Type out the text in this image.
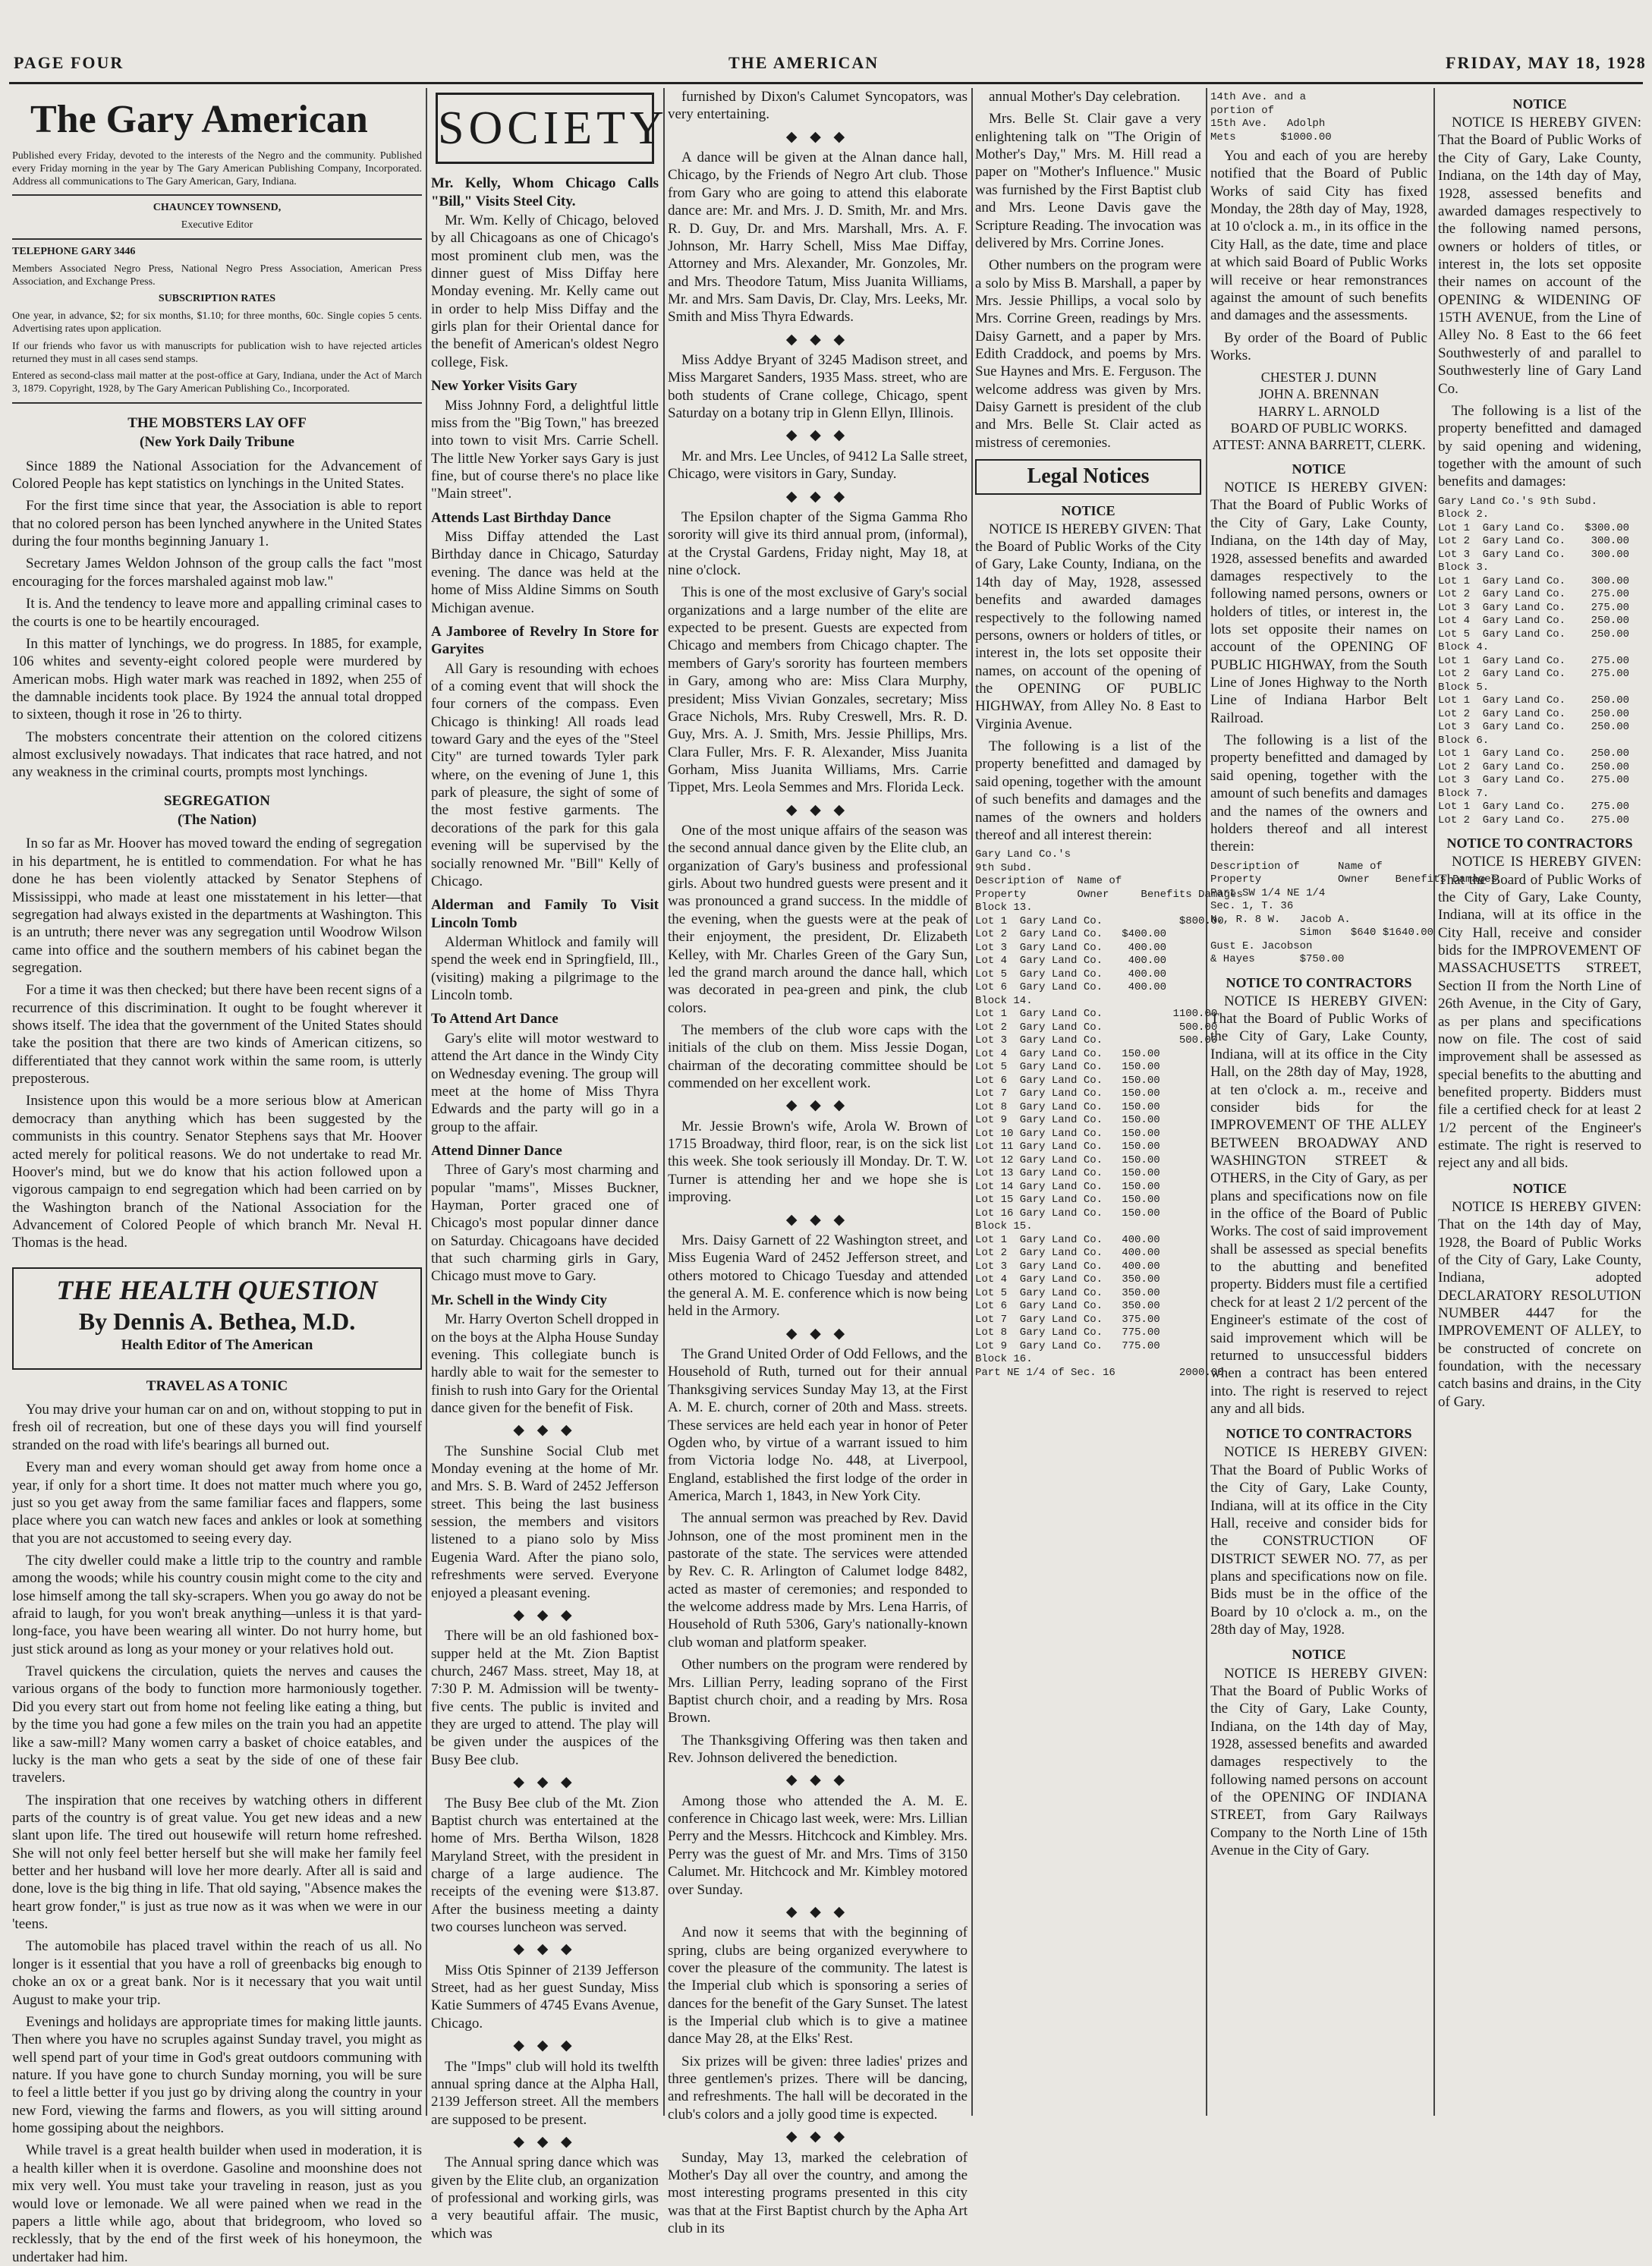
PAGE FOUR	THE AMERICAN	FRIDAY, MAY 18, 1928
The Gary American

Published every Friday, devoted to the interests of the Negro and the community. Published every Friday morning in the year by The Gary American Publishing Company, Incorporated. Address all communications to The Gary American, Gary, Indiana.

CHAUNCEY TOWNSEND,

Executive Editor

TELEPHONE GARY 3446

Members Associated Negro Press, National Negro Press Association, American Press Association, and Exchange Press.

SUBSCRIPTION RATES

One year, in advance, $2; for six months, $1.10; for three months, 60c. Single copies 5 cents. Advertising rates upon application.

If our friends who favor us with manuscripts for publication wish to have rejected articles returned they must in all cases send stamps.

Entered as second-class mail matter at the post-office at Gary, Indiana, under the Act of March 3, 1879. Copyright, 1928, by The Gary American Publishing Co., Incorporated.

THE MOBSTERS LAY OFF
(New York Daily Tribune

Since 1889 the National Association for the Advancement of Colored People has kept statistics on lynchings in the United States.

For the first time since that year, the Association is able to report that no colored person has been lynched anywhere in the United States during the four months beginning January 1.

Secretary James Weldon Johnson of the group calls the fact "most encouraging for the forces marshaled against mob law."

It is. And the tendency to leave more and appalling criminal cases to the courts is one to be heartily encouraged.

In this matter of lynchings, we do progress. In 1885, for example, 106 whites and seventy-eight colored people were murdered by American mobs. High water mark was reached in 1892, when 255 of the damnable incidents took place. By 1924 the annual total dropped to sixteen, though it rose in '26 to thirty.

The mobsters concentrate their attention on the colored citizens almost exclusively nowadays. That indicates that race hatred, and not any weakness in the criminal courts, prompts most lynchings.

SEGREGATION
(The Nation)

In so far as Mr. Hoover has moved toward the ending of segregation in his department, he is entitled to commendation. For what he has done he has been violently attacked by Senator Stephens of Mississippi, who made at least one misstatement in his letter—that segregation had always existed in the departments at Washington. This is an untruth; there never was any segregation until Woodrow Wilson came into office and the southern members of his cabinet began the segregation.

For a time it was then checked; but there have been recent signs of a recurrence of this discrimination. It ought to be fought wherever it shows itself. The idea that the government of the United States should take the position that there are two kinds of American citizens, so differentiated that they cannot work within the same room, is utterly preposterous.

Insistence upon this would be a more serious blow at American democracy than anything which has been suggested by the communists in this country. Senator Stephens says that Mr. Hoover acted merely for political reasons. We do not undertake to read Mr. Hoover's mind, but we do know that his action followed upon a vigorous campaign to end segregation which had been carried on by the Washington branch of the National Association for the Advancement of Colored People of which branch Mr. Neval H. Thomas is the head.

THE HEALTH QUESTION
By Dennis A. Bethea, M.D.
Health Editor of The American
TRAVEL AS A TONIC

You may drive your human car on and on, without stopping to put in fresh oil of recreation, but one of these days you will find yourself stranded on the road with life's bearings all burned out.

Every man and every woman should get away from home once a year, if only for a short time. It does not matter much where you go, just so you get away from the same familiar faces and flappers, some place where you can watch new faces and ankles or look at something that you are not accustomed to seeing every day.

The city dweller could make a little trip to the country and ramble among the woods; while his country cousin might come to the city and lose himself among the tall sky-scrapers. When you go away do not be afraid to laugh, for you won't break anything—unless it is that yard-long-face, you have been wearing all winter. Do not hurry home, but just stick around as long as your money or your relatives hold out.

Travel quickens the circulation, quiets the nerves and causes the various organs of the body to function more harmoniously together. Did you every start out from home not feeling like eating a thing, but by the time you had gone a few miles on the train you had an appetite like a saw-mill? Many women carry a basket of choice eatables, and lucky is the man who gets a seat by the side of one of these fair travelers.

The inspiration that one receives by watching others in different parts of the country is of great value. You get new ideas and a new slant upon life. The tired out housewife will return home refreshed. She will not only feel better herself but she will make her family feel better and her husband will love her more dearly. After all is said and done, love is the big thing in life. That old saying, "Absence makes the heart grow fonder," is just as true now as it was when we were in our 'teens.

The automobile has placed travel within the reach of us all. No longer is it essential that you have a roll of greenbacks big enough to choke an ox or a great bank. Nor is it necessary that you wait until August to make your trip.

Evenings and holidays are appropriate times for making little jaunts. Then where you have no scruples against Sunday travel, you might as well spend part of your time in God's great outdoors communing with nature. If you have gone to church Sunday morning, you will be sure to feel a little better if you just go by driving along the country in your new Ford, viewing the farms and flowers, as you will sitting around home gossiping about the neighbors.

While travel is a great health builder when used in moderation, it is a health killer when it is overdone. Gasoline and moonshine does not mix very well. You must take your traveling in reason, just as you would love or lemonade. We all were pained when we read in the papers a little while ago, about that bridegroom, who loved so recklessly, that by the end of the first week of his honeymoon, the undertaker had him.

SOCIETY
Mr. Kelly, Whom Chicago Calls "Bill," Visits Steel City.

Mr. Wm. Kelly of Chicago, beloved by all Chicagoans as one of Chicago's most prominent club men, was the dinner guest of Miss Diffay here Monday evening. Mr. Kelly came out in order to help Miss Diffay and the girls plan for their Oriental dance for the benefit of American's oldest Negro college, Fisk.

New Yorker Visits Gary

Miss Johnny Ford, a delightful little miss from the "Big Town," has breezed into town to visit Mrs. Carrie Schell. The little New Yorker says Gary is just fine, but of course there's no place like "Main street".

Attends Last Birthday Dance

Miss Diffay attended the Last Birthday dance in Chicago, Saturday evening. The dance was held at the home of Miss Aldine Simms on South Michigan avenue.

A Jamboree of Revelry In Store for Garyites

All Gary is resounding with echoes of a coming event that will shock the four corners of the compass. Even Chicago is thinking! All roads lead toward Gary and the eyes of the "Steel City" are turned towards Tyler park where, on the evening of June 1, this park of pleasure, the sight of some of the most festive garments. The decorations of the park for this gala evening will be supervised by the socially renowned Mr. "Bill" Kelly of Chicago.

Alderman and Family To Visit Lincoln Tomb

Alderman Whitlock and family will spend the week end in Springfield, Ill., (visiting) making a pilgrimage to the Lincoln tomb.

To Attend Art Dance

Gary's elite will motor westward to attend the Art dance in the Windy City on Wednesday evening. The group will meet at the home of Miss Thyra Edwards and the party will go in a group to the affair.

Attend Dinner Dance

Three of Gary's most charming and popular "mams", Misses Buckner, Hayman, Porter graced one of Chicago's most popular dinner dance on Saturday. Chicagoans have decided that such charming girls in Gary, Chicago must move to Gary.

Mr. Schell in the Windy City

Mr. Harry Overton Schell dropped in on the boys at the Alpha House Sunday evening. This collegiate bunch is hardly able to wait for the semester to finish to rush into Gary for the Oriental dance given for the benefit of Fisk.

◆ ◆ ◆

The Sunshine Social Club met Monday evening at the home of Mr. and Mrs. S. B. Ward of 2452 Jefferson street. This being the last business session, the members and visitors listened to a piano solo by Miss Eugenia Ward. After the piano solo, refreshments were served. Everyone enjoyed a pleasant evening.

◆ ◆ ◆

There will be an old fashioned box-supper held at the Mt. Zion Baptist church, 2467 Mass. street, May 18, at 7:30 P. M. Admission will be twenty-five cents. The public is invited and they are urged to attend. The play will be given under the auspices of the Busy Bee club.

◆ ◆ ◆

The Busy Bee club of the Mt. Zion Baptist church was entertained at the home of Mrs. Bertha Wilson, 1828 Maryland Street, with the president in charge of a large audience. The receipts of the evening were $13.87. After the business meeting a dainty two courses luncheon was served.

◆ ◆ ◆

Miss Otis Spinner of 2139 Jefferson Street, had as her guest Sunday, Miss Katie Summers of 4745 Evans Avenue, Chicago.

◆ ◆ ◆

The "Imps" club will hold its twelfth annual spring dance at the Alpha Hall, 2139 Jefferson street. All the members are supposed to be present.

◆ ◆ ◆

The Annual spring dance which was given by the Elite club, an organization of professional and working girls, was a very beautiful affair. The music, which was

furnished by Dixon's Calumet Syncopators, was very entertaining.

◆ ◆ ◆

A dance will be given at the Alnan dance hall, Chicago, by the Friends of Negro Art club. Those from Gary who are going to attend this elaborate dance are: Mr. and Mrs. J. D. Smith, Mr. and Mrs. R. D. Guy, Dr. and Mrs. Marshall, Mrs. A. F. Johnson, Mr. Harry Schell, Miss Mae Diffay, Attorney and Mrs. Alexander, Mr. Gonzoles, Mr. and Mrs. Theodore Tatum, Miss Juanita Williams, Mr. and Mrs. Sam Davis, Dr. Clay, Mrs. Leeks, Mr. Smith and Miss Thyra Edwards.

◆ ◆ ◆

Miss Addye Bryant of 3245 Madison street, and Miss Margaret Sanders, 1935 Mass. street, who are both students of Crane college, Chicago, spent Saturday on a botany trip in Glenn Ellyn, Illinois.

◆ ◆ ◆

Mr. and Mrs. Lee Uncles, of 9412 La Salle street, Chicago, were visitors in Gary, Sunday.

◆ ◆ ◆

The Epsilon chapter of the Sigma Gamma Rho sorority will give its third annual prom, (informal), at the Crystal Gardens, Friday night, May 18, at nine o'clock.

This is one of the most exclusive of Gary's social organizations and a large number of the elite are expected to be present. Guests are expected from Chicago and members from Chicago chapter. The members of Gary's sorority has fourteen members in Gary, among who are: Miss Clara Murphy, president; Miss Vivian Gonzales, secretary; Miss Grace Nichols, Mrs. Ruby Creswell, Mrs. R. D. Guy, Mrs. A. J. Smith, Mrs. Jessie Phillips, Mrs. Clara Fuller, Mrs. F. R. Alexander, Miss Juanita Gorham, Miss Juanita Williams, Mrs. Carrie Tippet, Mrs. Leola Semmes and Mrs. Florida Leck.

◆ ◆ ◆

One of the most unique affairs of the season was the second annual dance given by the Elite club, an organization of Gary's business and professional girls. About two hundred guests were present and it was pronounced a grand success. In the middle of the evening, when the guests were at the peak of their enjoyment, the president, Dr. Elizabeth Kelley, with Mr. Charles Green of the Gary Sun, led the grand march around the dance hall, which was decorated in pea-green and pink, the club colors.

The members of the club wore caps with the initials of the club on them. Miss Jessie Dogan, chairman of the decorating committee should be commended on her excellent work.

◆ ◆ ◆

Mr. Jessie Brown's wife, Arola W. Brown of 1715 Broadway, third floor, rear, is on the sick list this week. She took seriously ill Monday. Dr. T. W. Turner is attending her and we hope she is improving.

◆ ◆ ◆

Mrs. Daisy Garnett of 22 Washington street, and Miss Eugenia Ward of 2452 Jefferson street, and others motored to Chicago Tuesday and attended the general A. M. E. conference which is now being held in the Armory.

◆ ◆ ◆

The Grand United Order of Odd Fellows, and the Household of Ruth, turned out for their annual Thanksgiving services Sunday May 13, at the First A. M. E. church, corner of 20th and Mass. streets. These services are held each year in honor of Peter Ogden who, by virtue of a warrant issued to him from Victoria lodge No. 448, at Liverpool, England, established the first lodge of the order in America, March 1, 1843, in New York City.

The annual sermon was preached by Rev. David Johnson, one of the most prominent men in the pastorate of the state. The services were attended by Rev. C. R. Arlington of Calumet lodge 8482, acted as master of ceremonies; and responded to the welcome address made by Mrs. Lena Harris, of Household of Ruth 5306, Gary's nationally-known club woman and platform speaker.

Other numbers on the program were rendered by Mrs. Lillian Perry, leading soprano of the First Baptist church choir, and a reading by Mrs. Rosa Brown.

The Thanksgiving Offering was then taken and Rev. Johnson delivered the benediction.

◆ ◆ ◆

Among those who attended the A. M. E. conference in Chicago last week, were: Mrs. Lillian Perry and the Messrs. Hitchcock and Kimbley. Mrs. Perry was the guest of Mr. and Mrs. Tims of 3150 Calumet. Mr. Hitchcock and Mr. Kimbley motored over Sunday.

◆ ◆ ◆

And now it seems that with the beginning of spring, clubs are being organized everywhere to cover the pleasure of the community. The latest is the Imperial club which is sponsoring a series of dances for the benefit of the Gary Sunset. The latest is the Imperial club which is to give a matinee dance May 28, at the Elks' Rest.

Six prizes will be given: three ladies' prizes and three gentlemen's prizes. There will be dancing, and refreshments. The hall will be decorated in the club's colors and a jolly good time is expected.

◆ ◆ ◆

Sunday, May 13, marked the celebration of Mother's Day all over the country, and among the most interesting programs presented in this city was that at the First Baptist church by the Apha Art club in its

annual Mother's Day celebration.

Mrs. Belle St. Clair gave a very enlightening talk on "The Origin of Mother's Day," Mrs. M. Hill read a paper on "Mother's Influence." Music was furnished by the First Baptist club and Mrs. Leone Davis gave the Scripture Reading. The invocation was delivered by Mrs. Corrine Jones.

Other numbers on the program were a solo by Miss B. Marshall, a paper by Mrs. Jessie Phillips, a vocal solo by Mrs. Corrine Green, readings by Mrs. Daisy Garnett, and a paper by Mrs. Edith Craddock, and poems by Mrs. Sue Haynes and Mrs. E. Ferguson. The welcome address was given by Mrs. Daisy Garnett is president of the club and Mrs. Belle St. Clair acted as mistress of ceremonies.

Legal Notices
NOTICE

NOTICE IS HEREBY GIVEN: That the Board of Public Works of the City of Gary, Lake County, Indiana, on the 14th day of May, 1928, assessed benefits and awarded damages respectively to the following named persons, owners or holders of titles, or interest in, the lots set opposite their names, on account of the opening of the OPENING OF PUBLIC HIGHWAY, from Alley No. 8 East to Virginia Avenue.

The following is a list of the property benefitted and damaged by said opening, together with the amount of such benefits and damages and the names of the owners and holders thereof and all interest therein:

Gary Land Co.'s
9th Subd.
Description of  Name of
Property        Owner     Benefits Damages
Block 13.
Lot 1  Gary Land Co.            $800.00
Lot 2  Gary Land Co.   $400.00
Lot 3  Gary Land Co.    400.00
Lot 4  Gary Land Co.    400.00
Lot 5  Gary Land Co.    400.00
Lot 6  Gary Land Co.    400.00
Block 14.
Lot 1  Gary Land Co.           1100.00
Lot 2  Gary Land Co.            500.00
Lot 3  Gary Land Co.            500.00
Lot 4  Gary Land Co.   150.00
Lot 5  Gary Land Co.   150.00
Lot 6  Gary Land Co.   150.00
Lot 7  Gary Land Co.   150.00
Lot 8  Gary Land Co.   150.00
Lot 9  Gary Land Co.   150.00
Lot 10 Gary Land Co.   150.00
Lot 11 Gary Land Co.   150.00
Lot 12 Gary Land Co.   150.00
Lot 13 Gary Land Co.   150.00
Lot 14 Gary Land Co.   150.00
Lot 15 Gary Land Co.   150.00
Lot 16 Gary Land Co.   150.00
Block 15.
Lot 1  Gary Land Co.   400.00
Lot 2  Gary Land Co.   400.00
Lot 3  Gary Land Co.   400.00
Lot 4  Gary Land Co.   350.00
Lot 5  Gary Land Co.   350.00
Lot 6  Gary Land Co.   350.00
Lot 7  Gary Land Co.   375.00
Lot 8  Gary Land Co.   775.00
Lot 9  Gary Land Co.   775.00
Block 16.
Part NE 1/4 of Sec. 16          2000.00
14th Ave. and a
portion of
15th Ave.   Adolph
Mets       $1000.00

You and each of you are hereby notified that the Board of Public Works of said City has fixed Monday, the 28th day of May, 1928, at 10 o'clock a. m., in its office in the City Hall, as the date, time and place at which said Board of Public Works will receive or hear remonstrances against the amount of such benefits and damages and the assessments.

By order of the Board of Public Works.

CHESTER J. DUNN

JOHN A. BRENNAN

HARRY L. ARNOLD

BOARD OF PUBLIC WORKS.

ATTEST: ANNA BARRETT, CLERK.

NOTICE

NOTICE IS HEREBY GIVEN: That the Board of Public Works of the City of Gary, Lake County, Indiana, on the 14th day of May, 1928, assessed benefits and awarded damages respectively to the following named persons, owners or holders of titles, or interest in, the lots set opposite their names on account of the OPENING OF PUBLIC HIGHWAY, from the South Line of Jones Highway to the North Line of Indiana Harbor Belt Railroad.

The following is a list of the property benefitted and damaged by said opening, together with the amount of such benefits and damages and the names of the owners and holders thereof and all interest therein:

Description of      Name of
Property            Owner    Benefits Damages
Part SW 1/4 NE 1/4
Sec. 1, T. 36
N., R. 8 W.   Jacob A.
Simon   $640 $1640.00
Gust E. Jacobson
& Hayes       $750.00
NOTICE TO CONTRACTORS

NOTICE IS HEREBY GIVEN: That the Board of Public Works of the City of Gary, Lake County, Indiana, will at its office in the City Hall, on the 28th day of May, 1928, at ten o'clock a. m., receive and consider bids for the IMPROVEMENT OF THE ALLEY BETWEEN BROADWAY AND WASHINGTON STREET & OTHERS, in the City of Gary, as per plans and specifications now on file in the office of the Board of Public Works. The cost of said improvement shall be assessed as special benefits to the abutting and benefited property. Bidders must file a certified check for at least 2 1/2 percent of the Engineer's estimate of the cost of said improvement which will be returned to unsuccessful bidders when a contract has been entered into. The right is reserved to reject any and all bids.

NOTICE TO CONTRACTORS

NOTICE IS HEREBY GIVEN: That the Board of Public Works of the City of Gary, Lake County, Indiana, will at its office in the City Hall, receive and consider bids for the CONSTRUCTION OF DISTRICT SEWER NO. 77, as per plans and specifications now on file. Bids must be in the office of the Board by 10 o'clock a. m., on the 28th day of May, 1928.

NOTICE

NOTICE IS HEREBY GIVEN: That the Board of Public Works of the City of Gary, Lake County, Indiana, on the 14th day of May, 1928, assessed benefits and awarded damages respectively to the following named persons on account of the OPENING OF INDIANA STREET, from Gary Railways Company to the North Line of 15th Avenue in the City of Gary.

NOTICE

NOTICE IS HEREBY GIVEN: That the Board of Public Works of the City of Gary, Lake County, Indiana, on the 14th day of May, 1928, assessed benefits and awarded damages respectively to the following named persons, owners or holders of titles, or interest in, the lots set opposite their names on account of the OPENING & WIDENING OF 15TH AVENUE, from the Line of Alley No. 8 East to the 66 feet Southwesterly of and parallel to Southwesterly line of Gary Land Co.

The following is a list of the property benefitted and damaged by said opening and widening, together with the amount of such benefits and damages:

Gary Land Co.'s 9th Subd.
Block 2.
Lot 1  Gary Land Co.   $300.00
Lot 2  Gary Land Co.    300.00
Lot 3  Gary Land Co.    300.00
Block 3.
Lot 1  Gary Land Co.    300.00
Lot 2  Gary Land Co.    275.00
Lot 3  Gary Land Co.    275.00
Lot 4  Gary Land Co.    250.00
Lot 5  Gary Land Co.    250.00
Block 4.
Lot 1  Gary Land Co.    275.00
Lot 2  Gary Land Co.    275.00
Block 5.
Lot 1  Gary Land Co.    250.00
Lot 2  Gary Land Co.    250.00
Lot 3  Gary Land Co.    250.00
Block 6.
Lot 1  Gary Land Co.    250.00
Lot 2  Gary Land Co.    250.00
Lot 3  Gary Land Co.    275.00
Block 7.
Lot 1  Gary Land Co.    275.00
Lot 2  Gary Land Co.    275.00
NOTICE TO CONTRACTORS

NOTICE IS HEREBY GIVEN: That the Board of Public Works of the City of Gary, Lake County, Indiana, will at its office in the City Hall, receive and consider bids for the IMPROVEMENT OF MASSACHUSETTS STREET, Section II from the North Line of 26th Avenue, in the City of Gary, as per plans and specifications now on file. The cost of said improvement shall be assessed as special benefits to the abutting and benefited property. Bidders must file a certified check for at least 2 1/2 percent of the Engineer's estimate. The right is reserved to reject any and all bids.

NOTICE

NOTICE IS HEREBY GIVEN: That on the 14th day of May, 1928, the Board of Public Works of the City of Gary, Lake County, Indiana, adopted DECLARATORY RESOLUTION NUMBER 4447 for the IMPROVEMENT OF ALLEY, to be constructed of concrete on foundation, with the necessary catch basins and drains, in the City of Gary.
